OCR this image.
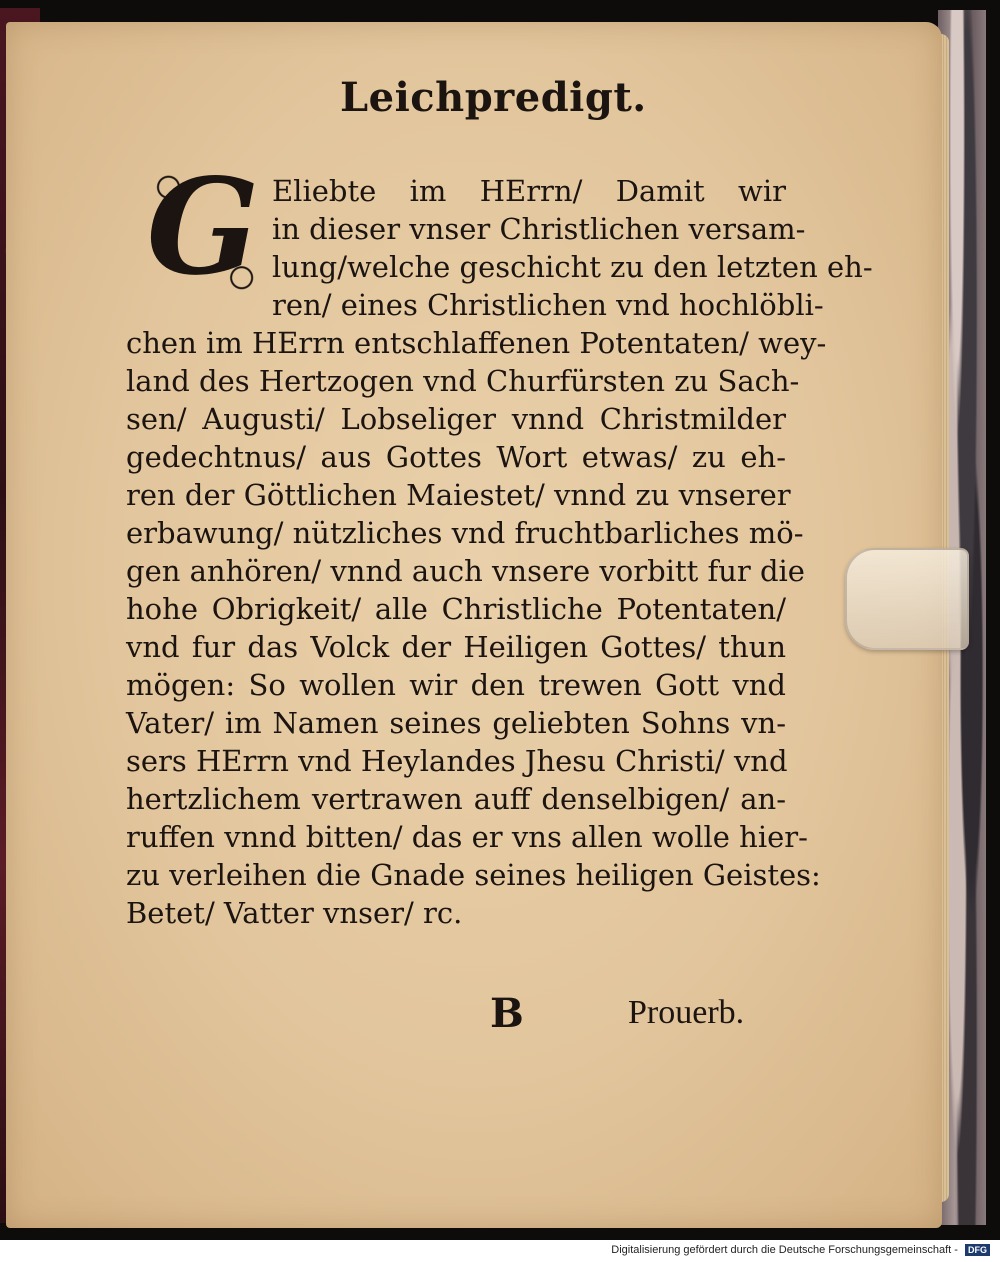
Leichpredigt.
G Eliebte im HErrn/ Damit wir
in dieser vnser Christlichen versam-
lung/welche geschicht zu den letzten eh-
ren/ eines Christlichen vnd hochlöbli-
chen im HErrn entschlaffenen Potentaten/ wey-
land des Hertzogen vnd Churfürsten zu Sach-
sen/ Augusti/ Lobseliger vnnd Christmilder
gedechtnus/ aus Gottes Wort etwas/ zu eh-
ren der Göttlichen Maiestet/ vnnd zu vnserer
erbawung/ nützliches vnd fruchtbarliches mö-
gen anhören/ vnnd auch vnsere vorbitt fur die
hohe Obrigkeit/ alle Christliche Potentaten/
vnd fur das Volck der Heiligen Gottes/ thun
mögen: So wollen wir den trewen Gott vnd
Vater/ im Namen seines geliebten Sohns vn-
sers HErrn vnd Heylandes Jhesu Christi/ vnd
hertzlichem vertrawen auff denselbigen/ an-
ruffen vnnd bitten/ das er vns allen wolle hier-
zu verleihen die Gnade seines heiligen Geistes:
Betet/ Vatter vnser/ rc.
B	Prouerb.
Digitalisierung gefördert durch die Deutsche Forschungsgemeinschaft - DFG
